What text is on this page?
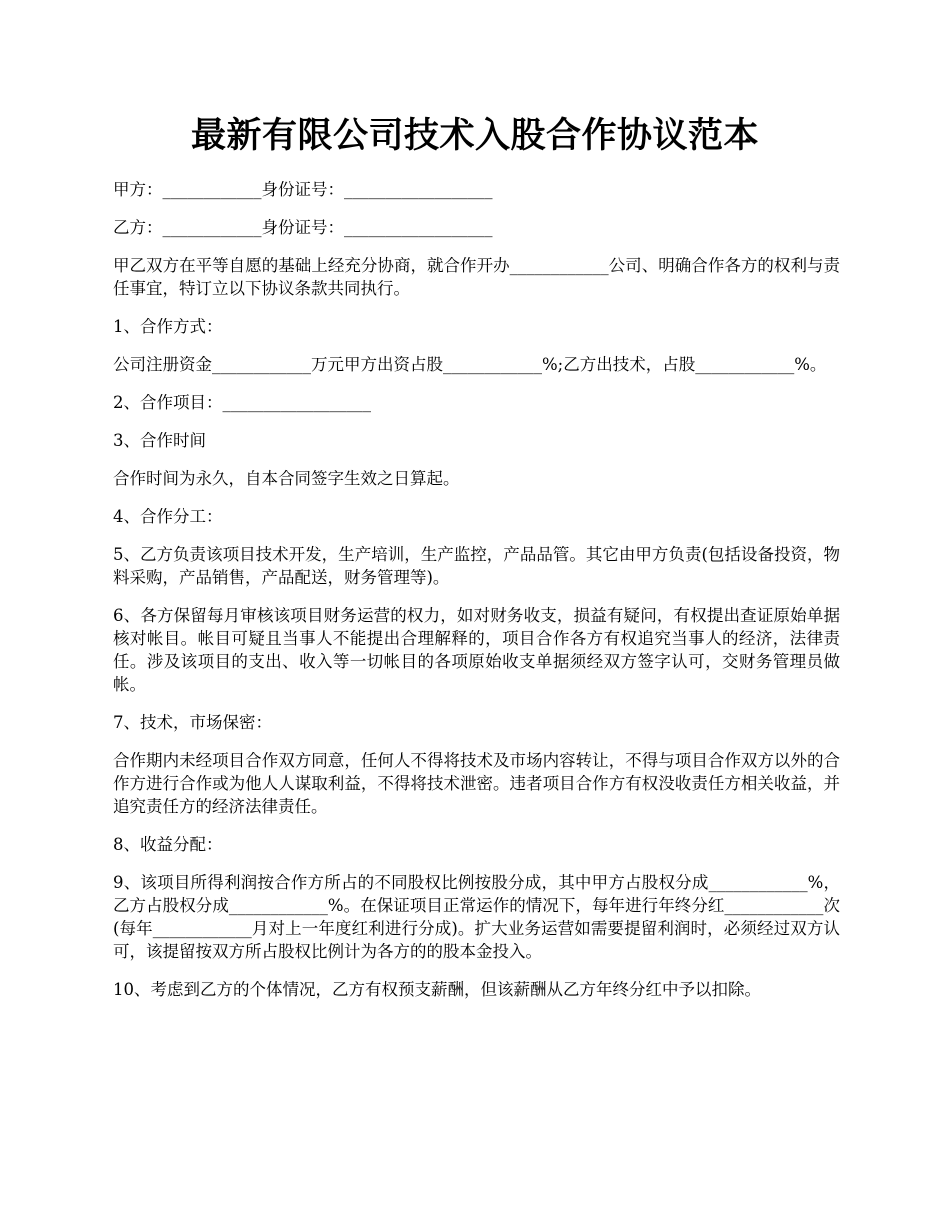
最新有限公司技术入股合作协议范本

甲方：____________身份证号：__________________

乙方：____________身份证号：__________________

甲乙双方在平等自愿的基础上经充分协商，就合作开办____________公司、明确合作各方的权利与责任事宜，特订立以下协议条款共同执行。

1、合作方式：

公司注册资金____________万元甲方出资占股____________%;乙方出技术，占股____________%。

2、合作项目：__________________

3、合作时间

合作时间为永久，自本合同签字生效之日算起。

4、合作分工：

5、乙方负责该项目技术开发，生产培训，生产监控，产品品管。其它由甲方负责(包括设备投资，物料采购，产品销售，产品配送，财务管理等)。

6、各方保留每月审核该项目财务运营的权力，如对财务收支，损益有疑问，有权提出查证原始单据核对帐目。帐目可疑且当事人不能提出合理解释的，项目合作各方有权追究当事人的经济，法律责任。涉及该项目的支出、收入等一切帐目的各项原始收支单据须经双方签字认可，交财务管理员做帐。

7、技术，市场保密：

合作期内未经项目合作双方同意，任何人不得将技术及市场内容转让，不得与项目合作双方以外的合作方进行合作或为他人人谋取利益，不得将技术泄密。违者项目合作方有权没收责任方相关收益，并追究责任方的经济法律责任。

8、收益分配：

9、该项目所得利润按合作方所占的不同股权比例按股分成，其中甲方占股权分成____________%，乙方占股权分成____________%。在保证项目正常运作的情况下，每年进行年终分红____________次(每年____________月对上一年度红利进行分成)。扩大业务运营如需要提留利润时，必须经过双方认可，该提留按双方所占股权比例计为各方的的股本金投入。

10、考虑到乙方的个体情况，乙方有权预支薪酬，但该薪酬从乙方年终分红中予以扣除。
